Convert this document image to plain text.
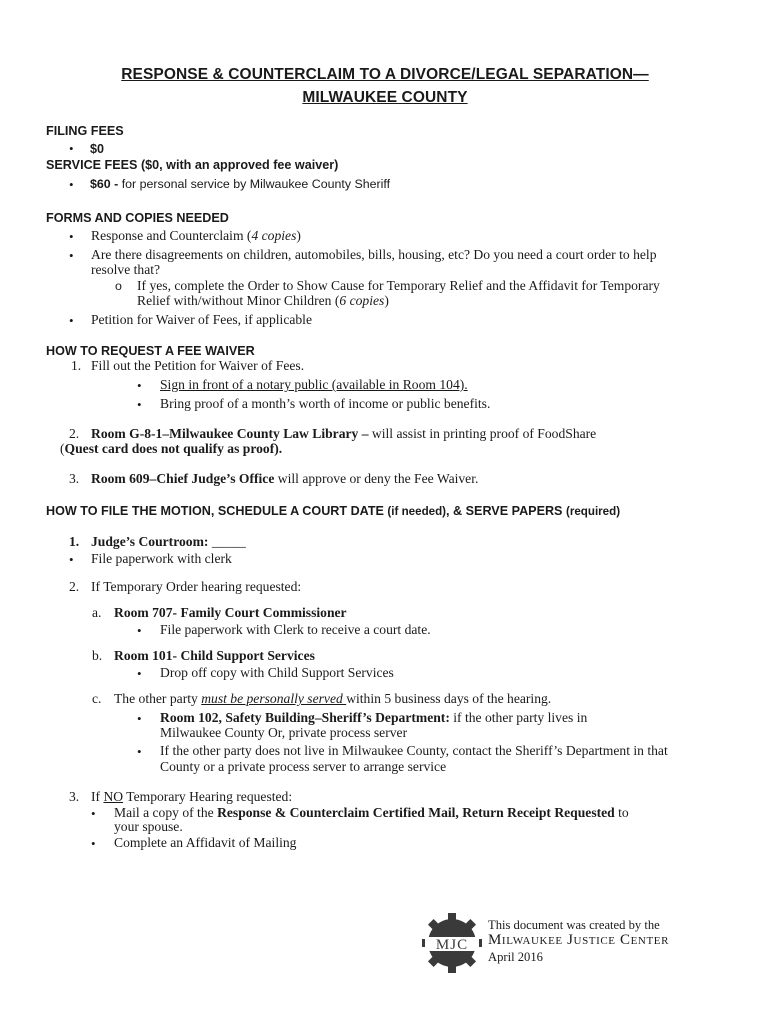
RESPONSE & COUNTERCLAIM TO A DIVORCE/LEGAL SEPARATION—
MILWAUKEE COUNTY
FILING FEES
• $0
SERVICE FEES ($0, with an approved fee waiver)
• $60 - for personal service by Milwaukee County Sheriff
FORMS AND COPIES NEEDED
• Response and Counterclaim (4 copies)
• Are there disagreements on children, automobiles, bills, housing, etc? Do you need a court order to help
resolve that?
o If yes, complete the Order to Show Cause for Temporary Relief and the Affidavit for Temporary
Relief with/without Minor Children (6 copies)
• Petition for Waiver of Fees, if applicable
HOW TO REQUEST A FEE WAIVER
1. Fill out the Petition for Waiver of Fees.
• Sign in front of a notary public (available in Room 104).
• Bring proof of a month’s worth of income or public benefits.
2. Room G-8-1–Milwaukee County Law Library – will assist in printing proof of FoodShare
(Quest card does not qualify as proof).
3. Room 609–Chief Judge’s Office will approve or deny the Fee Waiver.
HOW TO FILE THE MOTION, SCHEDULE A COURT DATE (if needed), & SERVE PAPERS (required)
1. Judge’s Courtroom: _____
• File paperwork with clerk
2. If Temporary Order hearing requested:
a. Room 707- Family Court Commissioner
• File paperwork with Clerk to receive a court date.
b. Room 101- Child Support Services
• Drop off copy with Child Support Services
c. The other party must be personally served within 5 business days of the hearing.
• Room 102, Safety Building–Sheriff’s Department: if the other party lives in
Milwaukee County Or, private process server
• If the other party does not live in Milwaukee County, contact the Sheriff’s Department in that
County or a private process server to arrange service
3. If NO Temporary Hearing requested:
• Mail a copy of the Response & Counterclaim Certified Mail, Return Receipt Requested to
your spouse.
• Complete an Affidavit of Mailing
MJC
This document was created by the
Milwaukee Justice Center
April 2016
